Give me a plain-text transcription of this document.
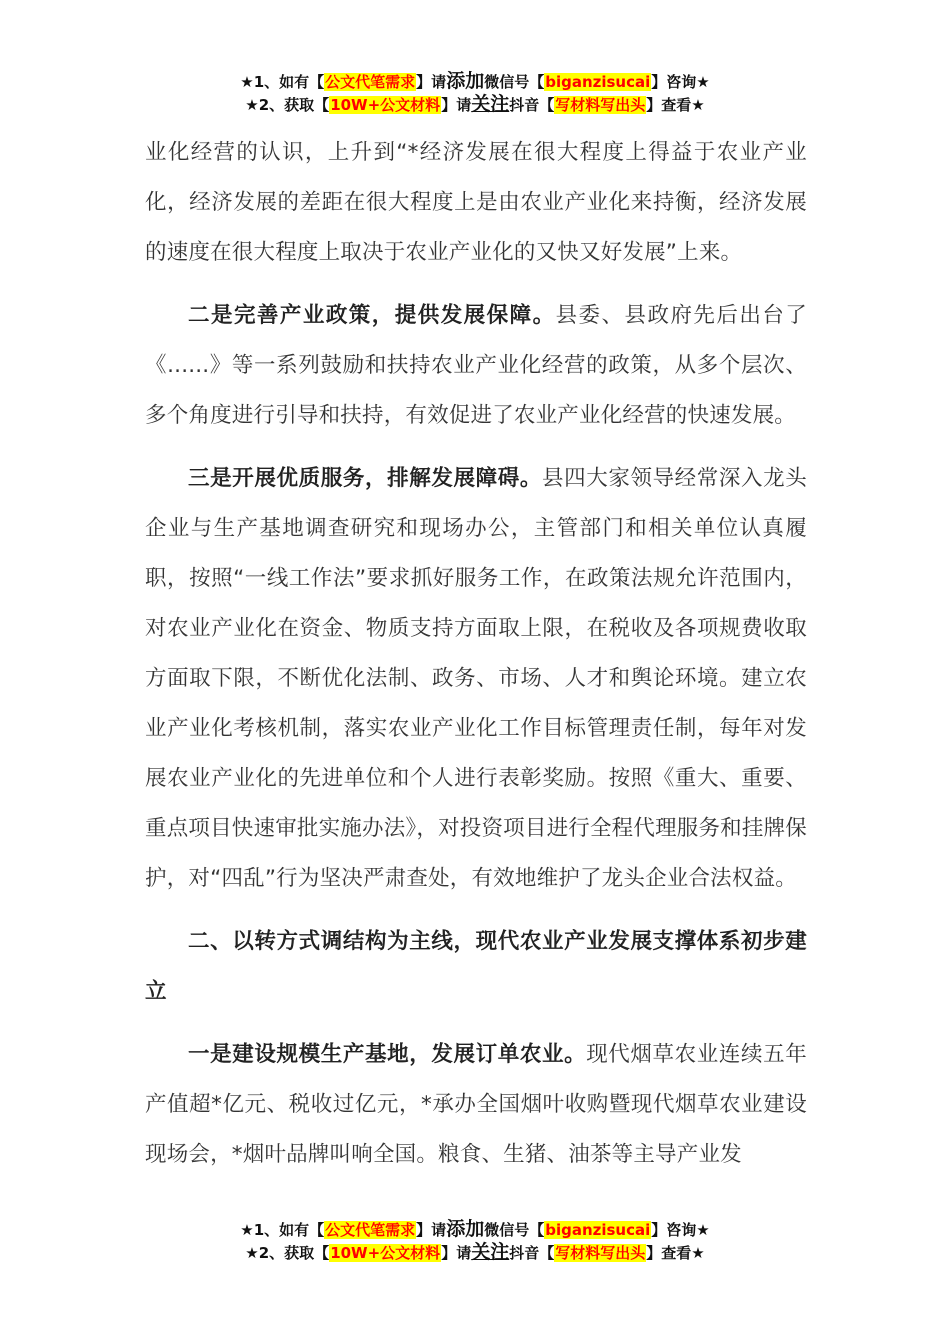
★1、如有【公文代笔需求】请添加微信号【biganzisucai】咨询★
★2、获取【10W+公文材料】请关注抖音【写材料写出头】查看★

业化经营的认识，上升到“*经济发展在很大程度上得益于农业产业化，经济发展的差距在很大程度上是由农业产业化来持衡，经济发展的速度在很大程度上取决于农业产业化的又快又好发展”上来。

二是完善产业政策，提供发展保障。县委、县政府先后出台了《......》等一系列鼓励和扶持农业产业化经营的政策，从多个层次、多个角度进行引导和扶持，有效促进了农业产业化经营的快速发展。

三是开展优质服务，排解发展障碍。县四大家领导经常深入龙头企业与生产基地调查研究和现场办公，主管部门和相关单位认真履职，按照“一线工作法”要求抓好服务工作，在政策法规允许范围内，对农业产业化在资金、物质支持方面取上限，在税收及各项规费收取方面取下限，不断优化法制、政务、市场、人才和舆论环境。建立农业产业化考核机制，落实农业产业化工作目标管理责任制，每年对发展农业产业化的先进单位和个人进行表彰奖励。按照《重大、重要、重点项目快速审批实施办法》，对投资项目进行全程代理服务和挂牌保护，对“四乱”行为坚决严肃查处，有效地维护了龙头企业合法权益。

二、以转方式调结构为主线，现代农业产业发展支撑体系初步建立

一是建设规模生产基地，发展订单农业。现代烟草农业连续五年产值超*亿元、税收过亿元，*承办全国烟叶收购暨现代烟草农业建设现场会，*烟叶品牌叫响全国。粮食、生猪、油茶等主导产业发

★1、如有【公文代笔需求】请添加微信号【biganzisucai】咨询★
★2、获取【10W+公文材料】请关注抖音【写材料写出头】查看★
